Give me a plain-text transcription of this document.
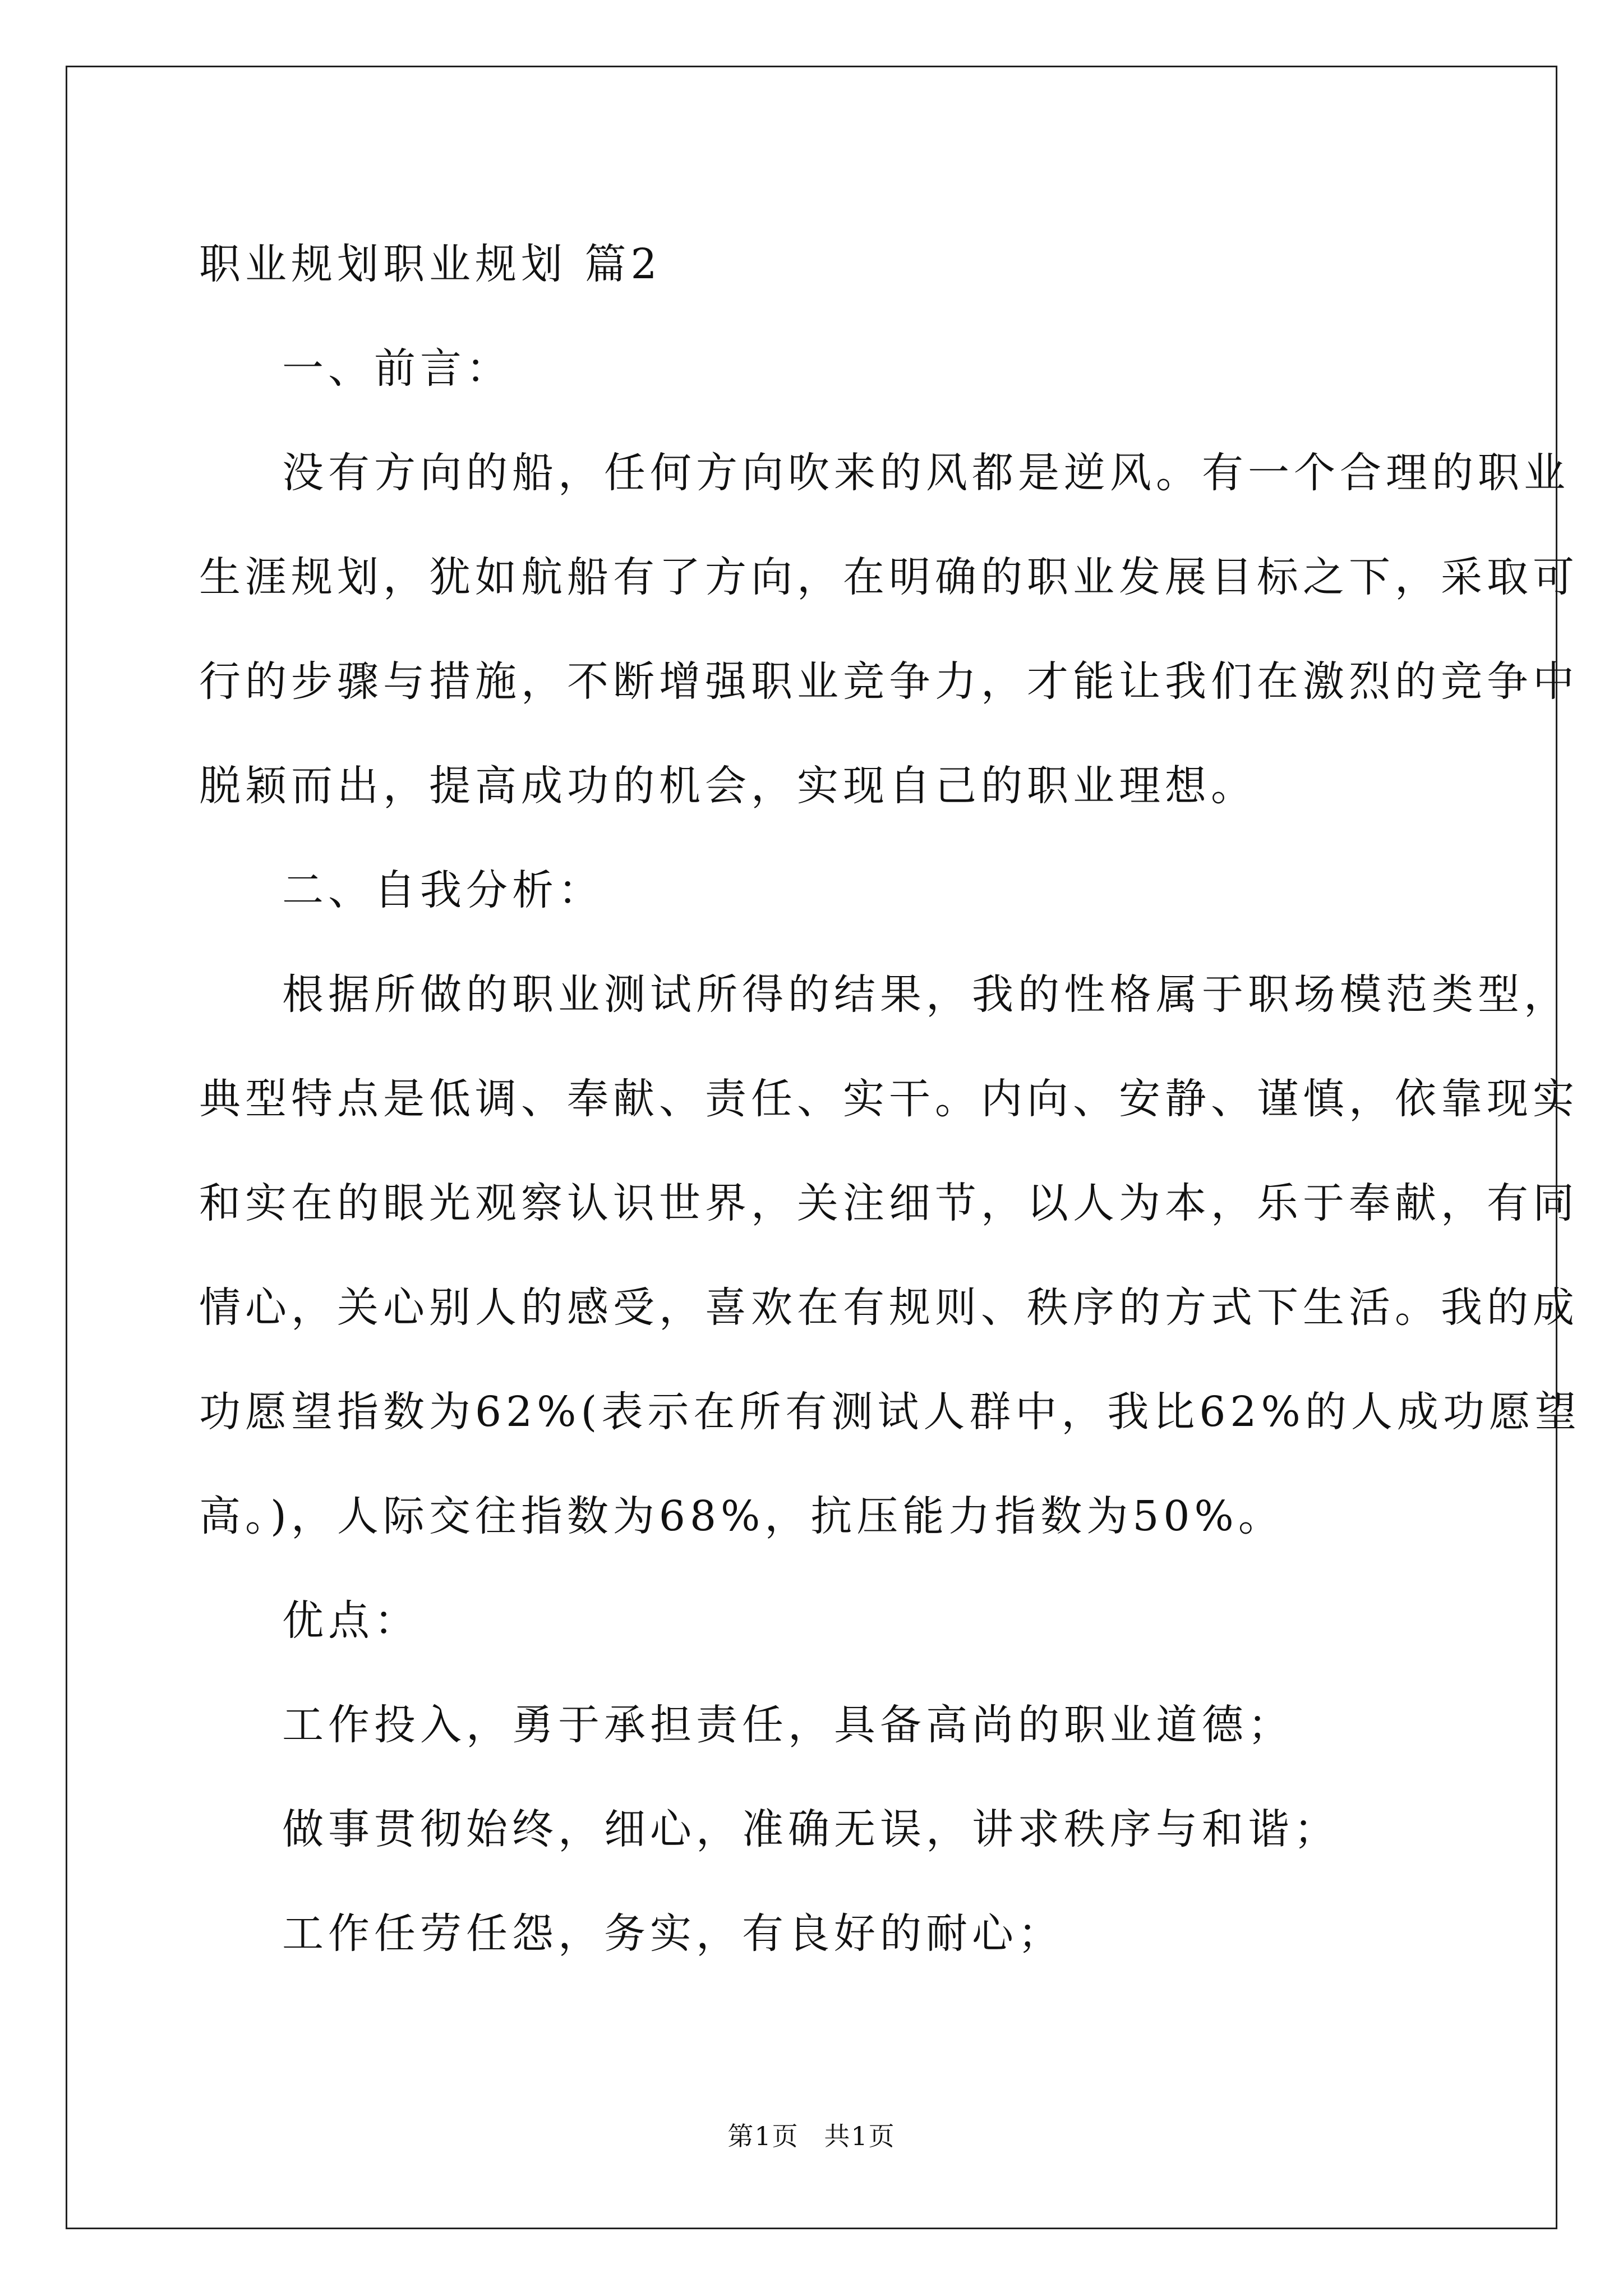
职业规划职业规划 篇2
一、前言：
没有方向的船，任何方向吹来的风都是逆风。有一个合理的职业
生涯规划，犹如航船有了方向，在明确的职业发展目标之下，采取可
行的步骤与措施，不断增强职业竞争力，才能让我们在激烈的竞争中
脱颖而出，提高成功的机会，实现自己的职业理想。
二、自我分析：
根据所做的职业测试所得的结果，我的性格属于职场模范类型，
典型特点是低调、奉献、责任、实干。内向、安静、谨慎，依靠现实
和实在的眼光观察认识世界，关注细节，以人为本，乐于奉献，有同
情心，关心别人的感受，喜欢在有规则、秩序的方式下生活。我的成
功愿望指数为62%(表示在所有测试人群中，我比62%的人成功愿望
高。)，人际交往指数为68%，抗压能力指数为50%。
优点：
工作投入，勇于承担责任，具备高尚的职业道德；
做事贯彻始终，细心，准确无误，讲求秩序与和谐；
工作任劳任怨，务实，有良好的耐心；
第1页 共1页
